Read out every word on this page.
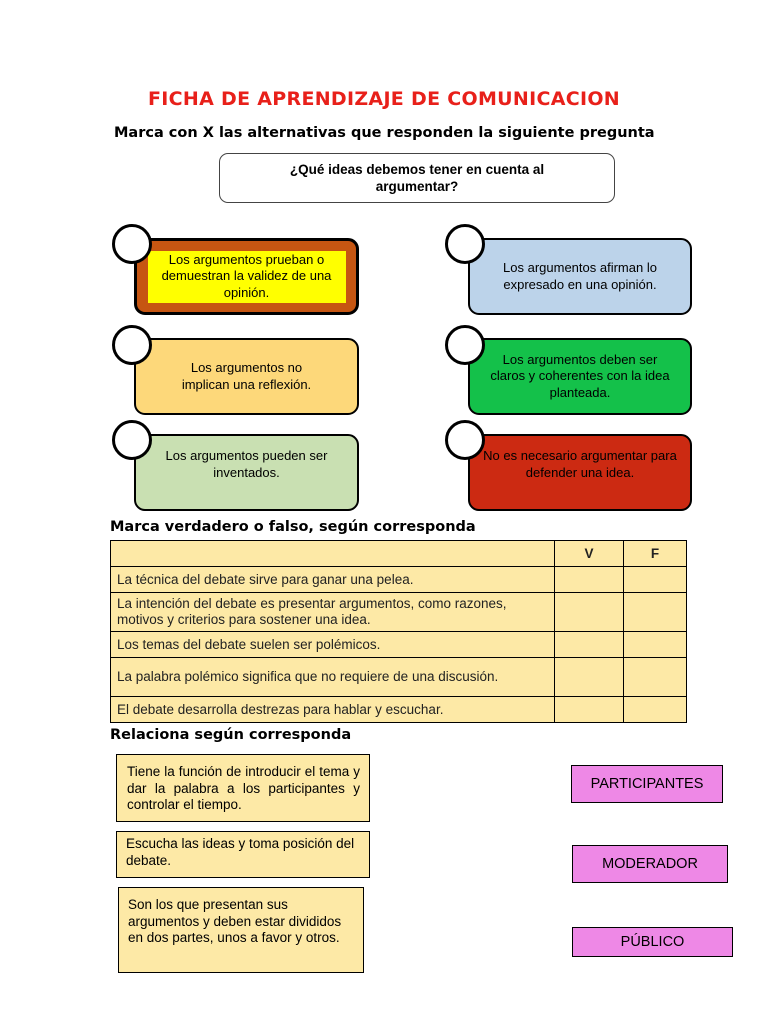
FICHA DE APRENDIZAJE DE COMUNICACION
Marca con X las alternativas que responden la siguiente pregunta
¿Qué ideas debemos tener en cuenta al argumentar?
Los argumentos prueban o demuestran la validez de una opinión.
Los argumentos afirman lo expresado en una opinión.
Los argumentos no implican una reflexión.
Los argumentos deben ser claros y coherentes con la idea planteada.
Los argumentos pueden ser inventados.
No es necesario argumentar para defender una idea.
Marca verdadero o falso, según corresponda
	V	F
La técnica del debate sirve para ganar una pelea.		
La intención del debate es presentar argumentos, como razones, motivos y criterios para sostener una idea.		
Los temas del debate suelen ser polémicos.		
La palabra polémico significa que no requiere de una discusión.		
El debate desarrolla destrezas para hablar y escuchar.		
Relaciona según corresponda
Tiene la función de introducir el tema y dar la palabra a los participantes y controlar el tiempo.
Escucha las ideas y toma posición del debate.
Son los que presentan sus argumentos y deben estar divididos en dos partes, unos a favor y otros.
PARTICIPANTES
MODERADOR
PÚBLICO
